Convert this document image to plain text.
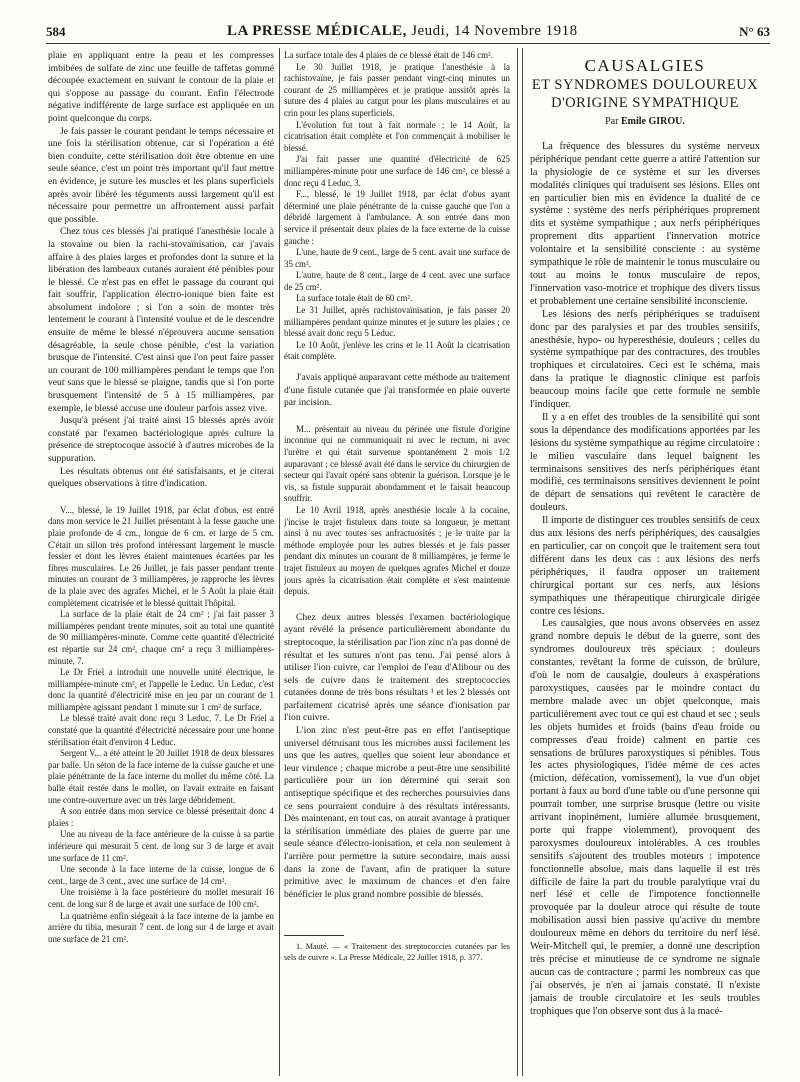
584	LA PRESSE MÉDICALE, Jeudi, 14 Novembre 1918	N° 63

plaie en appliquant entre la peau et les compresses imbibées de sulfate de zinc une feuille de taffetas gommé découpée exactement en suivant le contour de la plaie et qui s'oppose au passage du courant. Enfin l'électrode négative indifférente de large surface est appliquée en un point quelconque du corps.

Je fais passer le courant pendant le temps nécessaire et une fois la stérilisation obtenue, car si l'opération a été bien conduite, cette stérilisation doit être obtenue en une seule séance, c'est un point très important qu'il faut mettre en évidence, je suture les muscles et les plans superficiels après avoir libéré les téguments aussi largement qu'il est nécessaire pour permettre un affrontement aussi parfait que possible.

Chez tous ces blessés j'ai pratiqué l'anesthésie locale à la stovaïne ou bien la rachi-stovaïnisation, car j'avais affaire à des plaies larges et profondes dont la suture et la libération des lambeaux cutanés auraient été pénibles pour le blessé. Ce n'est pas en effet le passage du courant qui fait souffrir, l'application électro-ionique bien faite est absolument indolore ; si l'on a soin de monter très lentement le courant à l'intensité voulue et de le descendre ensuite de même le blessé n'éprouvera aucune sensation désagréable, la seule chose pénible, c'est la variation brusque de l'intensité. C'est ainsi que l'on peut faire passer un courant de 100 milliampères pendant le temps que l'on veut sans que le blessé se plaigne, tandis que si l'on porte brusquement l'intensité de 5 à 15 milliampères, par exemple, le blessé accuse une douleur parfois assez vive.

Jusqu'à présent j'ai traité ainsi 15 blessés après avoir constaté par l'examen bactériologique après culture la présence de streptocoque associé à d'autres microbes de la suppuration.

Les résultats obtenus ont été satisfaisants, et je citerai quelques observations à titre d'indication.

V..., blessé, le 19 Juillet 1918, par éclat d'obus, est entré dans mon service le 21 Juillet présentant à la fesse gauche une plaie profonde de 4 cm., longue de 6 cm. et large de 5 cm. C'était un sillon très profond intéressant largement le muscle fessier et dont les lèvres étaient maintenues écartées par les fibres musculaires. Le 26 Juillet, je fais passer pendant trente minutes un courant de 3 milliampères, je rapproche les lèvres de la plaie avec des agrafes Michel, et le 5 Août la plaie était complètement cicatrisée et le blessé quittait l'hôpital.

La surface de la plaie était de 24 cm² ; j'ai fait passer 3 milliampères pendant trente minutes, soit au total une quantité de 90 milliampères-minute. Comme cette quantité d'électricité est répartie sur 24 cm², chaque cm² a reçu 3 milliampères-minute, 7.

Le Dr Friel a introduit une nouvelle unité électrique, le milliampère-minute cm², et l'appelle le Leduc. Un Leduc, c'est donc la quantité d'électricité mise en jeu par un courant de 1 milliampère agissant pendant 1 minute sur 1 cm² de surface.

Le blessé traité avait donc reçu 3 Leduc, 7. Le Dr Friel a constaté que la quantité d'électricité nécessaire pour une bonne stérilisation était d'environ 4 Leduc.

Sergent V... a été atteint le 20 Juillet 1918 de deux blessures par balle. Un séton de la face interne de la cuisse gauche et une plaie pénétrante de la face interne du mollet du même côté. La balle était restée dans le mollet, on l'avait extraite en faisant une contre-ouverture avec un très large débridement.

A son entrée dans mon service ce blessé présentait donc 4 plaies :

Une au niveau de la face antérieure de la cuisse à sa partie inférieure qui mesurait 5 cent. de long sur 3 de large et avait une surface de 11 cm².

Une seconde à la face interne de la cuisse, longue de 6 cent., large de 3 cent., avec une surface de 14 cm².

Une troisième à la face postérieure du mollet mesurait 16 cent. de long sur 8 de large et avait une surface de 100 cm².

La quatrième enfin siégeait à la face interne de la jambe en arrière du tibia, mesurait 7 cent. de long sur 4 de large et avait une surface de 21 cm².

La surface totale des 4 plaies de ce blessé était de 146 cm².

Le 30 Juillet 1918, je pratique l'anesthésie à la rachistovaïne, je fais passer pendant vingt-cinq minutes un courant de 25 milliampères et je pratique aussitôt après la suture des 4 plaies au catgut pour les plans musculaires et au crin pour les plans superficiels.

L'évolution fut tout à fait normale ; le 14 Août, la cicatrisation était complète et l'on commençait à mobiliser le blessé.

J'ai fait passer une quantité d'électricité de 625 milliampères-minute pour une surface de 146 cm², ce blessé a donc reçu 4 Leduc, 3.

F..., blessé, le 19 Juillet 1918, par éclat d'obus ayant déterminé une plaie pénétrante de la cuisse gauche que l'on a débridé largement à l'ambulance. A son entrée dans mon service il présentait deux plaies de la face externe de la cuisse gauche :

L'une, haute de 9 cent., large de 5 cent. avait une surface de 35 cm².

L'autre, haute de 8 cent., large de 4 cent. avec une surface de 25 cm².

La surface totale était de 60 cm².

Le 31 Juillet, après rachistovaïnisation, je fais passer 20 milliampères pendant quinze minutes et je suture les plaies ; ce blessé avait donc reçu 5 Leduc.

Le 10 Août, j'enlève les crins et le 11 Août la cicatrisation était complète.

J'avais appliqué auparavant cette méthode au traitement d'une fistule cutanée que j'ai transformée en plaie ouverte par incision.

M... présentait au niveau du périnée une fistule d'origine inconnue qui ne communiquait ni avec le rectum, ni avec l'urètre et qui était survenue spontanément 2 mois 1/2 auparavant ; ce blessé avait été dans le service du chirurgien de secteur qui l'avait opéré sans obtenir la guérison. Lorsque je le vis, sa fistule suppurait abondamment et le faisait beaucoup souffrir.

Le 10 Avril 1918, après anesthésie locale à la cocaïne, j'incise le trajet fistuleux dans toute sa longueur, je mettant ainsi à nu avec toutes ses anfractuosités ; je le traite par la méthode employée pour les autres blessés et je fais passer pendant dix minutes un courant de 8 milliampères, je ferme le trajet fistuleux au moyen de quelques agrafes Michel et douze jours après la cicatrisation était complète et s'est maintenue depuis.

Chez deux autres blessés l'examen bactériologique ayant révélé la présence particulièrement abondante du streptocoque, la stérilisation par l'ion zinc n'a pas donné de résultat et les sutures n'ont pas tenu. J'ai pensé alors à utiliser l'ion cuivre, car l'emploi de l'eau d'Alibour ou des sels de cuivre dans le traitement des streptococcies cutanées donne de très bons résultats ¹ et les 2 blessés ont parfaitement cicatrisé après une séance d'ionisation par l'ion cuivre.

L'ion zinc n'est peut-être pas en effet l'antiseptique universel détruisant tous les microbes aussi facilement les uns que les autres, quelles que soient leur abondance et leur virulence ; chaque microbe a peut-être une sensibilité particulière pour un ion déterminé qui serait son antiseptique spécifique et des recherches poursuivies dans ce sens pourraient conduire à des résultats intéressants. Dès maintenant, en tout cas, on aurait avantage à pratiquer la stérilisation immédiate des plaies de guerre par une seule séance d'électro-ionisation, et cela non seulement à l'arrière pour permettre la suture secondaire, mais aussi dans la zone de l'avant, afin de pratiquer la suture primitive avec le maximum de chances et d'en faire bénéficier le plus grand nombre possible de blessés.

1. Mauté. — « Traitement des streptococcies cutanées par les sels de cuivre ». La Presse Médicale, 22 Juillet 1918, p. 377.

CAUSALGIES
ET SYNDROMES DOULOUREUX
D'ORIGINE SYMPATHIQUE
Par Emile GIROU.

La fréquence des blessures du système nerveux périphérique pendant cette guerre a attiré l'attention sur la physiologie de ce système et sur les diverses modalités cliniques qui traduisent ses lésions. Elles ont en particulier bien mis en évidence la dualité de ce système : système des nerfs périphériques proprement dits et système sympathique ; aux nerfs périphériques proprement dits appartient l'innervation motrice volontaire et la sensibilité consciente : au système sympathique le rôle de maintenir le tonus musculaire ou tout au moins le tonus musculaire de repos, l'innervation vaso-motrice et trophique des divers tissus et probablement une certaine sensibilité inconsciente.

Les lésions des nerfs périphériques se traduisent donc par des paralysies et par des troubles sensitifs, anesthésie, hypo- ou hyperesthésie, douleurs ; celles du système sympathique par des contractures, des troubles trophiques et circulatoires. Ceci est le schéma, mais dans la pratique le diagnostic clinique est parfois beaucoup moins facile que cette formule ne semble l'indiquer.

Il y a en effet des troubles de la sensibilité qui sont sous la dépendance des modifications apportées par les lésions du système sympathique au régime circulatoire : le milieu vasculaire dans lequel baignent les terminaisons sensitives des nerfs périphériques étant modifié, ces terminaisons sensitives deviennent le point de départ de sensations qui revêtent le caractère de douleurs.

Il importe de distinguer ces troubles sensitifs de ceux dus aux lésions des nerfs périphériques, des causalgies en particulier, car on conçoit que le traitement sera tout différent dans les deux cas : aux lésions des nerfs périphériques, il faudra opposer un traitement chirurgical portant sur ces nerfs, aux lésions sympathiques une thérapeutique chirurgicale dirigée contre ces lésions.

Les causalgies, que nous avons observées en assez grand nombre depuis le début de la guerre, sont des syndromes douloureux très spéciaux : douleurs constantes, revêtant la forme de cuisson, de brûlure, d'où le nom de causalgie, douleurs à exaspérations paroxystiques, causées par le moindre contact du membre malade avec un objet quelconque, mais particulièrement avec tout ce qui est chaud et sec ; seuls les objets humides et froids (bains d'eau froide ou compresses d'eau froide) calment en partie ces sensations de brûlures paroxystiques si pénibles. Tous les actes physiologiques, l'idée même de ces actes (miction, défécation, vomissement), la vue d'un objet portant à faux au bord d'une table ou d'une personne qui pourrait tomber, une surprise brusque (lettre ou visite arrivant inopinément, lumière allumée brusquement, porte qui frappe violemment), provoquent des paroxysmes douloureux intolérables. A ces troubles sensitifs s'ajoutent des troubles moteurs : impotence fonctionnelle absolue, mais dans laquelle il est très difficile de faire la part du trouble paralytique vrai du nerf lésé et celle de l'impotence fonctionnelle provoquée par la douleur atroce qui résulte de toute mobilisation aussi bien passive qu'active du membre douloureux même en dehors du territoire du nerf lésé. Weir-Mitchell qui, le premier, a donné une description très précise et minutieuse de ce syndrome ne signale aucun cas de contracture ; parmi les nombreux cas que j'ai observés, je n'en ai jamais constaté. Il n'existe jamais de trouble circulatoire et les seuls troubles trophiques que l'on observe sont dus à la macé-
